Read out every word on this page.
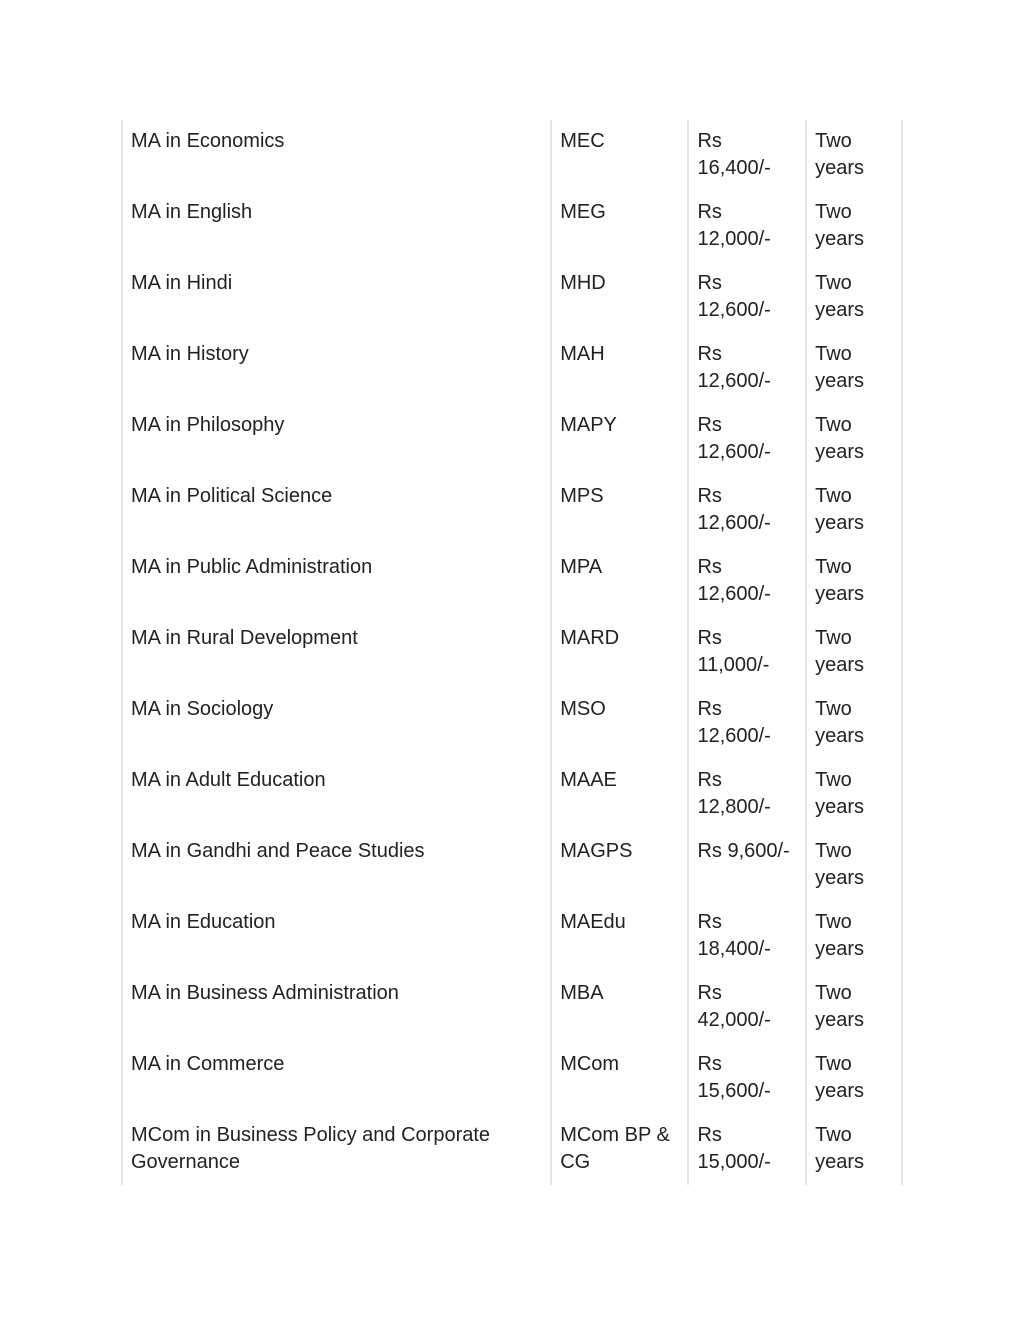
MA in Economics	MEC	Rs 16,400/-	Two years
MA in English	MEG	Rs 12,000/-	Two years
MA in Hindi	MHD	Rs 12,600/-	Two years
MA in History	MAH	Rs 12,600/-	Two years
MA in Philosophy	MAPY	Rs 12,600/-	Two years
MA in Political Science	MPS	Rs 12,600/-	Two years
MA in Public Administration	MPA	Rs 12,600/-	Two years
MA in Rural Development	MARD	Rs 11,000/-	Two years
MA in Sociology	MSO	Rs 12,600/-	Two years
MA in Adult Education	MAAE	Rs 12,800/-	Two years
MA in Gandhi and Peace Studies	MAGPS	Rs 9,600/-	Two years
MA in Education	MAEdu	Rs 18,400/-	Two years
MA in Business Administration	MBA	Rs 42,000/-	Two years
MA in Commerce	MCom	Rs 15,600/-	Two years
MCom in Business Policy and Corporate Governance	MCom BP & CG	Rs 15,000/-	Two years
